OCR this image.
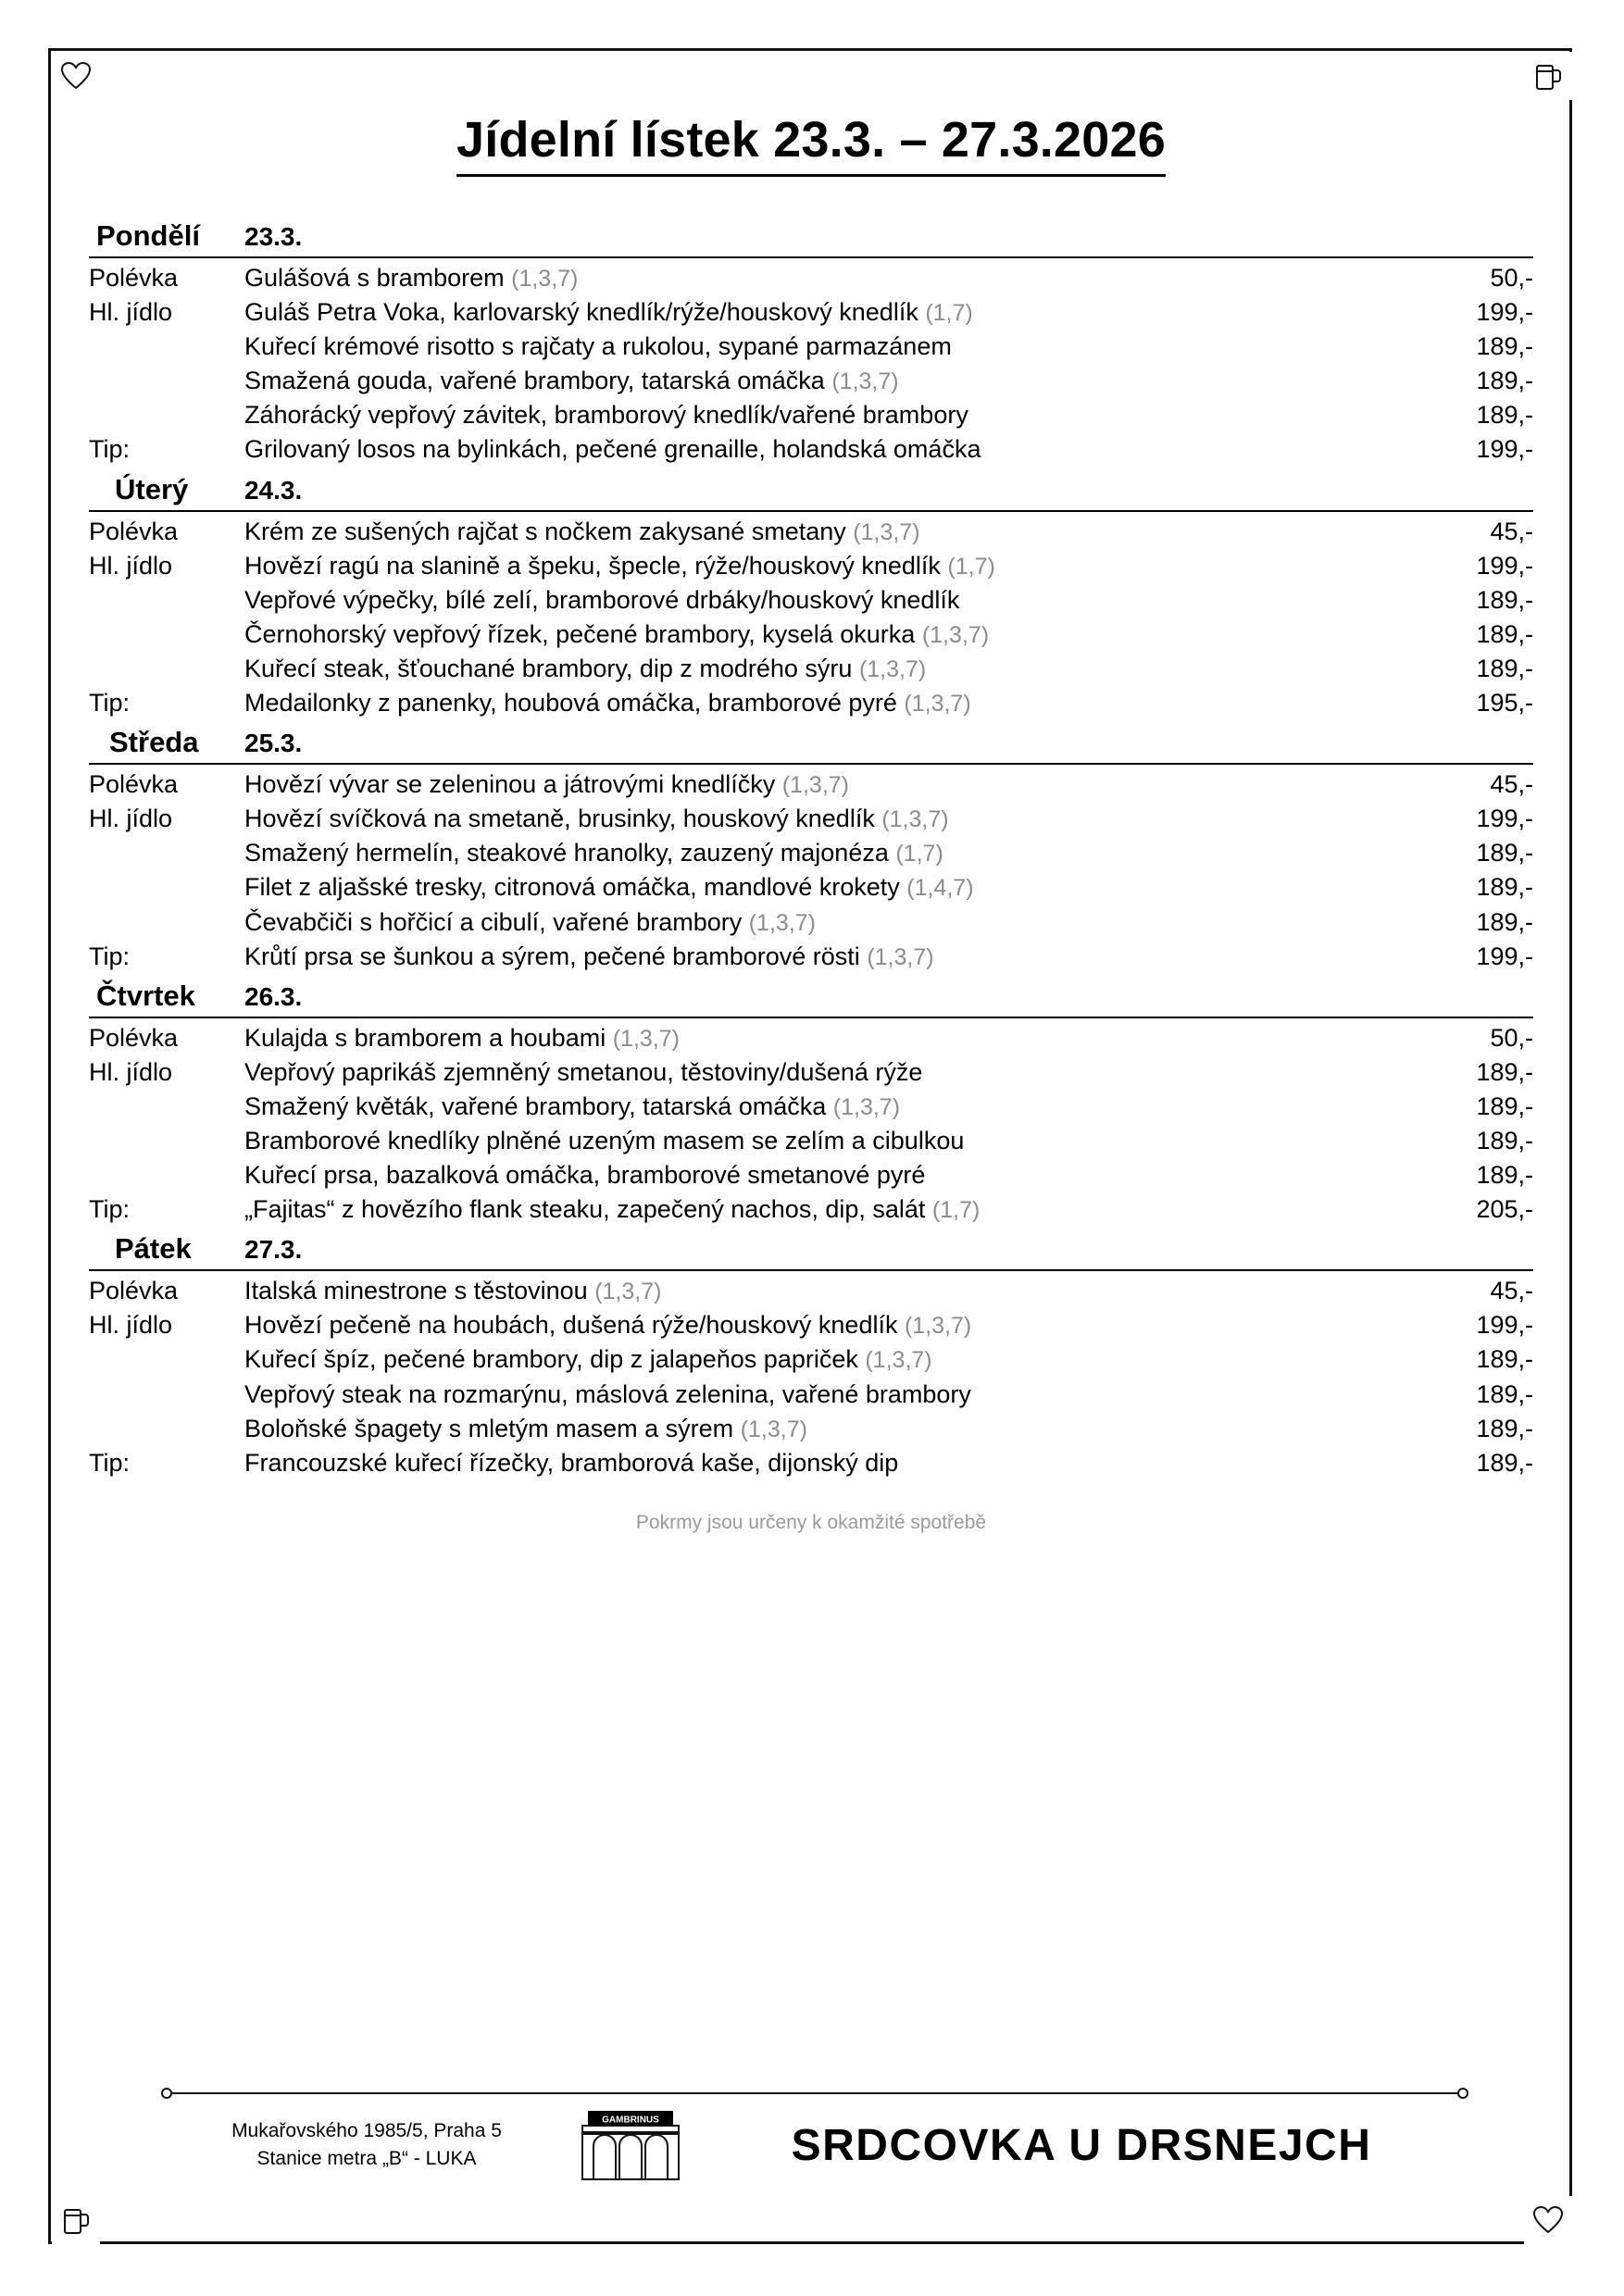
Jídelní lístek 23.3. – 27.3.2026
Pondělí	23.3.
Polévka	Gulášová s bramborem (1,3,7)	50,-
Hl. jídlo	Guláš Petra Voka, karlovarský knedlík/rýže/houskový knedlík (1,7)	199,-
	Kuřecí krémové risotto s rajčaty a rukolou, sypané parmazánem	189,-
	Smažená gouda, vařené brambory, tatarská omáčka (1,3,7)	189,-
	Záhorácký vepřový závitek, bramborový knedlík/vařené brambory	189,-
Tip:	Grilovaný losos na bylinkách, pečené grenaille, holandská omáčka	199,-
Úterý	24.3.
Polévka	Krém ze sušených rajčat s nočkem zakysané smetany (1,3,7)	45,-
Hl. jídlo	Hovězí ragú na slanině a špeku, špecle, rýže/houskový knedlík (1,7)	199,-
	Vepřové výpečky, bílé zelí, bramborové drbáky/houskový knedlík	189,-
	Černohorský vepřový řízek, pečené brambory, kyselá okurka (1,3,7)	189,-
	Kuřecí steak, šťouchané brambory, dip z modrého sýru (1,3,7)	189,-
Tip:	Medailonky z panenky, houbová omáčka, bramborové pyré (1,3,7)	195,-
Středa	25.3.
Polévka	Hovězí vývar se zeleninou a játrovými knedlíčky (1,3,7)	45,-
Hl. jídlo	Hovězí svíčková na smetaně, brusinky, houskový knedlík (1,3,7)	199,-
	Smažený hermelín, steakové hranolky, zauzený majonéza (1,7)	189,-
	Filet z aljašské tresky, citronová omáčka, mandlové krokety (1,4,7)	189,-
	Čevabčiči s hořčicí a cibulí, vařené brambory (1,3,7)	189,-
Tip:	Krůtí prsa se šunkou a sýrem, pečené bramborové rösti (1,3,7)	199,-
Čtvrtek	26.3.
Polévka	Kulajda s bramborem a houbami (1,3,7)	50,-
Hl. jídlo	Vepřový paprikáš zjemněný smetanou, těstoviny/dušená rýže	189,-
	Smažený květák, vařené brambory, tatarská omáčka (1,3,7)	189,-
	Bramborové knedlíky plněné uzeným masem se zelím a cibulkou	189,-
	Kuřecí prsa, bazalková omáčka, bramborové smetanové pyré	189,-
Tip:	„Fajitas“ z hovězího flank steaku, zapečený nachos, dip, salát (1,7)	205,-
Pátek	27.3.
Polévka	Italská minestrone s těstovinou (1,3,7)	45,-
Hl. jídlo	Hovězí pečeně na houbách, dušená rýže/houskový knedlík (1,3,7)	199,-
	Kuřecí špíz, pečené brambory, dip z jalapeňos papriček (1,3,7)	189,-
	Vepřový steak na rozmarýnu, máslová zelenina, vařené brambory	189,-
	Boloňské špagety s mletým masem a sýrem (1,3,7)	189,-
Tip:	Francouzské kuřecí řízečky, bramborová kaše, dijonský dip	189,-
Pokrmy jsou určeny k okamžité spotřebě
Mukařovského 1985/5, Praha 5
Stanice metra „B“ - LUKA
GAMBRINUS
SRDCOVKA U DRSNEJCH
